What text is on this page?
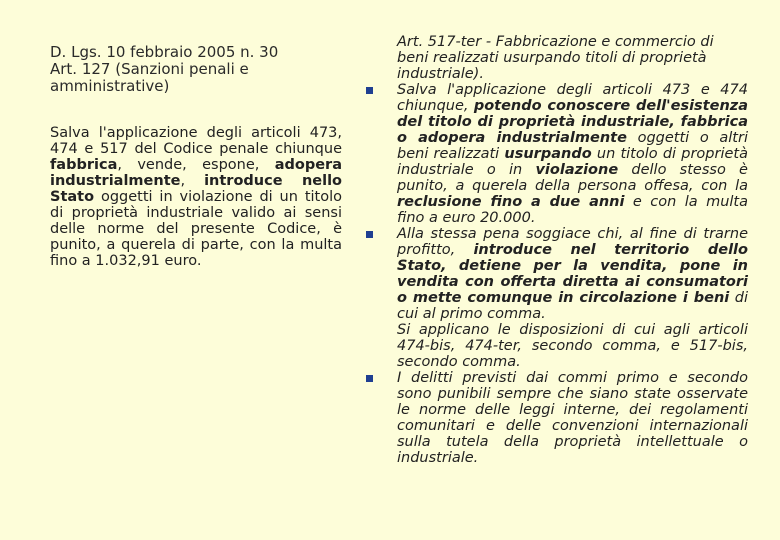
D. Lgs. 10 febbraio 2005 n. 30
Art. 127 (Sanzioni penali e amministrative)

Salva l'applicazione degli articoli 473, 474 e 517 del Codice penale chiunque fabbrica, vende, espone, adopera industrialmente, introduce nello Stato oggetti in violazione di un titolo di proprietà industriale valido ai sensi delle norme del presente Codice, è punito, a querela di parte, con la multa fino a 1.032,91 euro.

Art. 517-ter - Fabbricazione e commercio di beni realizzati usurpando titoli di proprietà industriale).

Salva l'applicazione degli articoli 473 e 474 chiunque, potendo conoscere dell'esistenza del titolo di proprietà industriale, fabbrica o adopera industrialmente oggetti o altri beni realizzati usurpando un titolo di proprietà industriale o in violazione dello stesso è punito, a querela della persona offesa, con la reclusione fino a due anni e con la multa fino a euro 20.000.
Alla stessa pena soggiace chi, al fine di trarne profitto, introduce nel territorio dello Stato, detiene per la vendita, pone in vendita con offerta diretta ai consumatori o mette comunque in circolazione i beni di cui al primo comma.
Si applicano le disposizioni di cui agli articoli 474-bis, 474-ter, secondo comma, e 517-bis, secondo comma.
I delitti previsti dai commi primo e secondo sono punibili sempre che siano state osservate le norme delle leggi interne, dei regolamenti comunitari e delle convenzioni internazionali sulla tutela della proprietà intellettuale o industriale.
